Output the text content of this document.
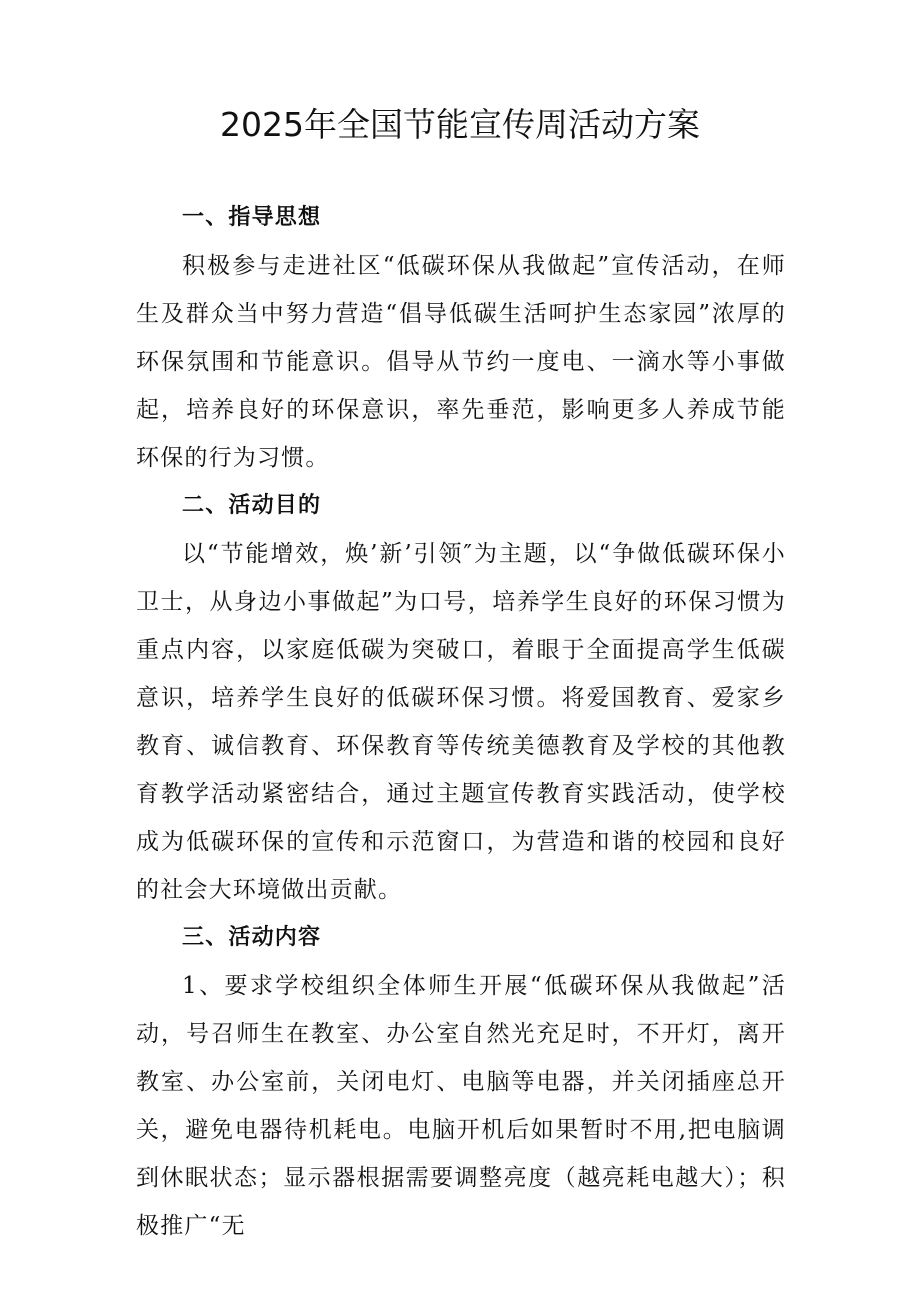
2025年全国节能宣传周活动方案

一、指导思想

积极参与走进社区“低碳环保从我做起”宣传活动，在师生及群众当中努力营造“倡导低碳生活呵护生态家园”浓厚的环保氛围和节能意识。倡导从节约一度电、一滴水等小事做起，培养良好的环保意识，率先垂范，影响更多人养成节能环保的行为习惯。

二、活动目的

以“节能增效，焕’新’引领″为主题，以“争做低碳环保小卫士，从身边小事做起”为口号，培养学生良好的环保习惯为重点内容，以家庭低碳为突破口，着眼于全面提高学生低碳意识，培养学生良好的低碳环保习惯。将爱国教育、爱家乡教育、诚信教育、环保教育等传统美德教育及学校的其他教育教学活动紧密结合，通过主题宣传教育实践活动，使学校成为低碳环保的宣传和示范窗口，为营造和谐的校园和良好的社会大环境做出贡献。

三、活动内容

1、要求学校组织全体师生开展“低碳环保从我做起”活动，号召师生在教室、办公室自然光充足时，不开灯，离开教室、办公室前，关闭电灯、电脑等电器，并关闭插座总开关，避免电器待机耗电。电脑开机后如果暂时不用,把电脑调到休眠状态；显示器根据需要调整亮度（越亮耗电越大）；积极推广“无
